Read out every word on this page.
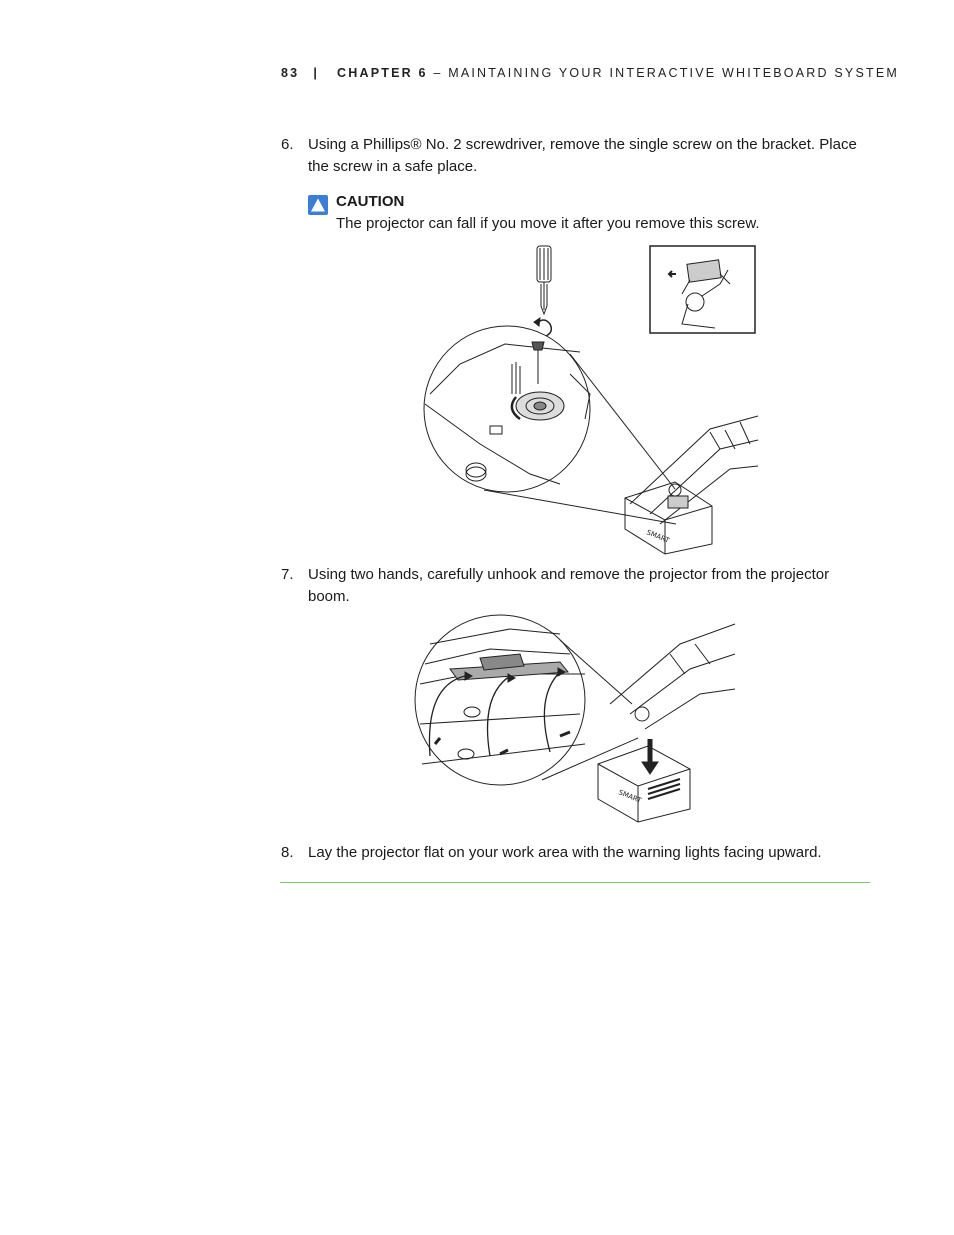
83 | CHAPTER 6 – MAINTAINING YOUR INTERACTIVE WHITEBOARD SYSTEM
6. Using a Phillips® No. 2 screwdriver, remove the single screw on the bracket. Place the screw in a safe place.
CAUTION
The projector can fall if you move it after you remove this screw.
SMART
7. Using two hands, carefully unhook and remove the projector from the projector boom.
SMART
8. Lay the projector flat on your work area with the warning lights facing upward.
